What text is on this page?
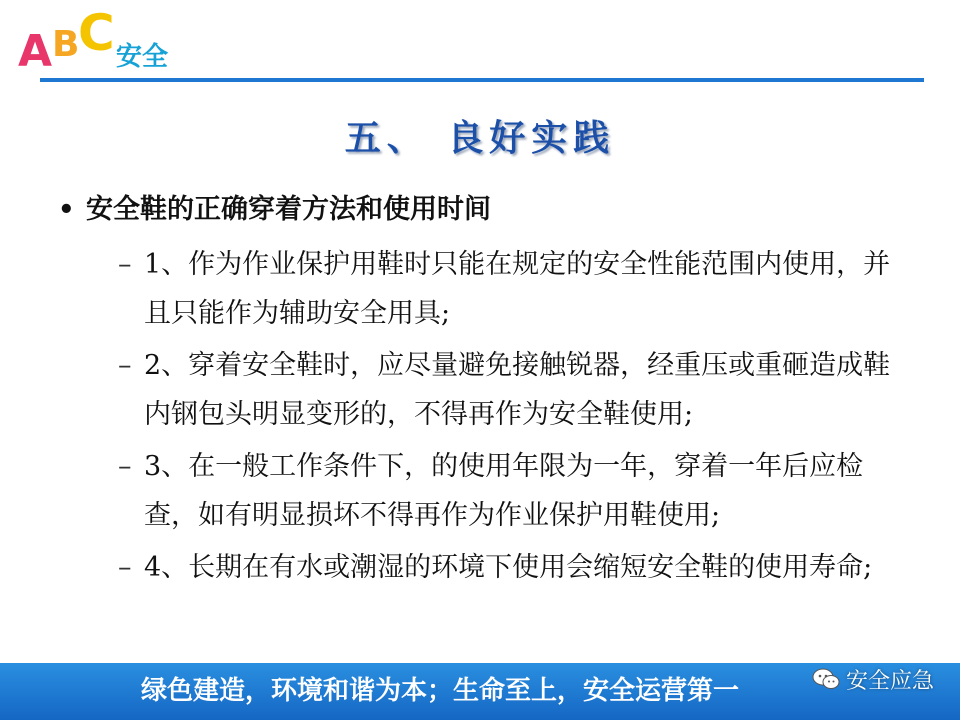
A B
C 安全
五、 良好实践
• 安全鞋的正确穿着方法和使用时间
– 1、作为作业保护用鞋时只能在规定的安全性能范围内使用，并且只能作为辅助安全用具;
– 2、穿着安全鞋时，应尽量避免接触锐器，经重压或重砸造成鞋内钢包头明显变形的，不得再作为安全鞋使用;
– 3、在一般工作条件下，的使用年限为一年，穿着一年后应检查，如有明显损坏不得再作为作业保护用鞋使用;
– 4、长期在有水或潮湿的环境下使用会缩短安全鞋的使用寿命;
绿色建造，环境和谐为本；生命至上，安全运营第一	安全应急
